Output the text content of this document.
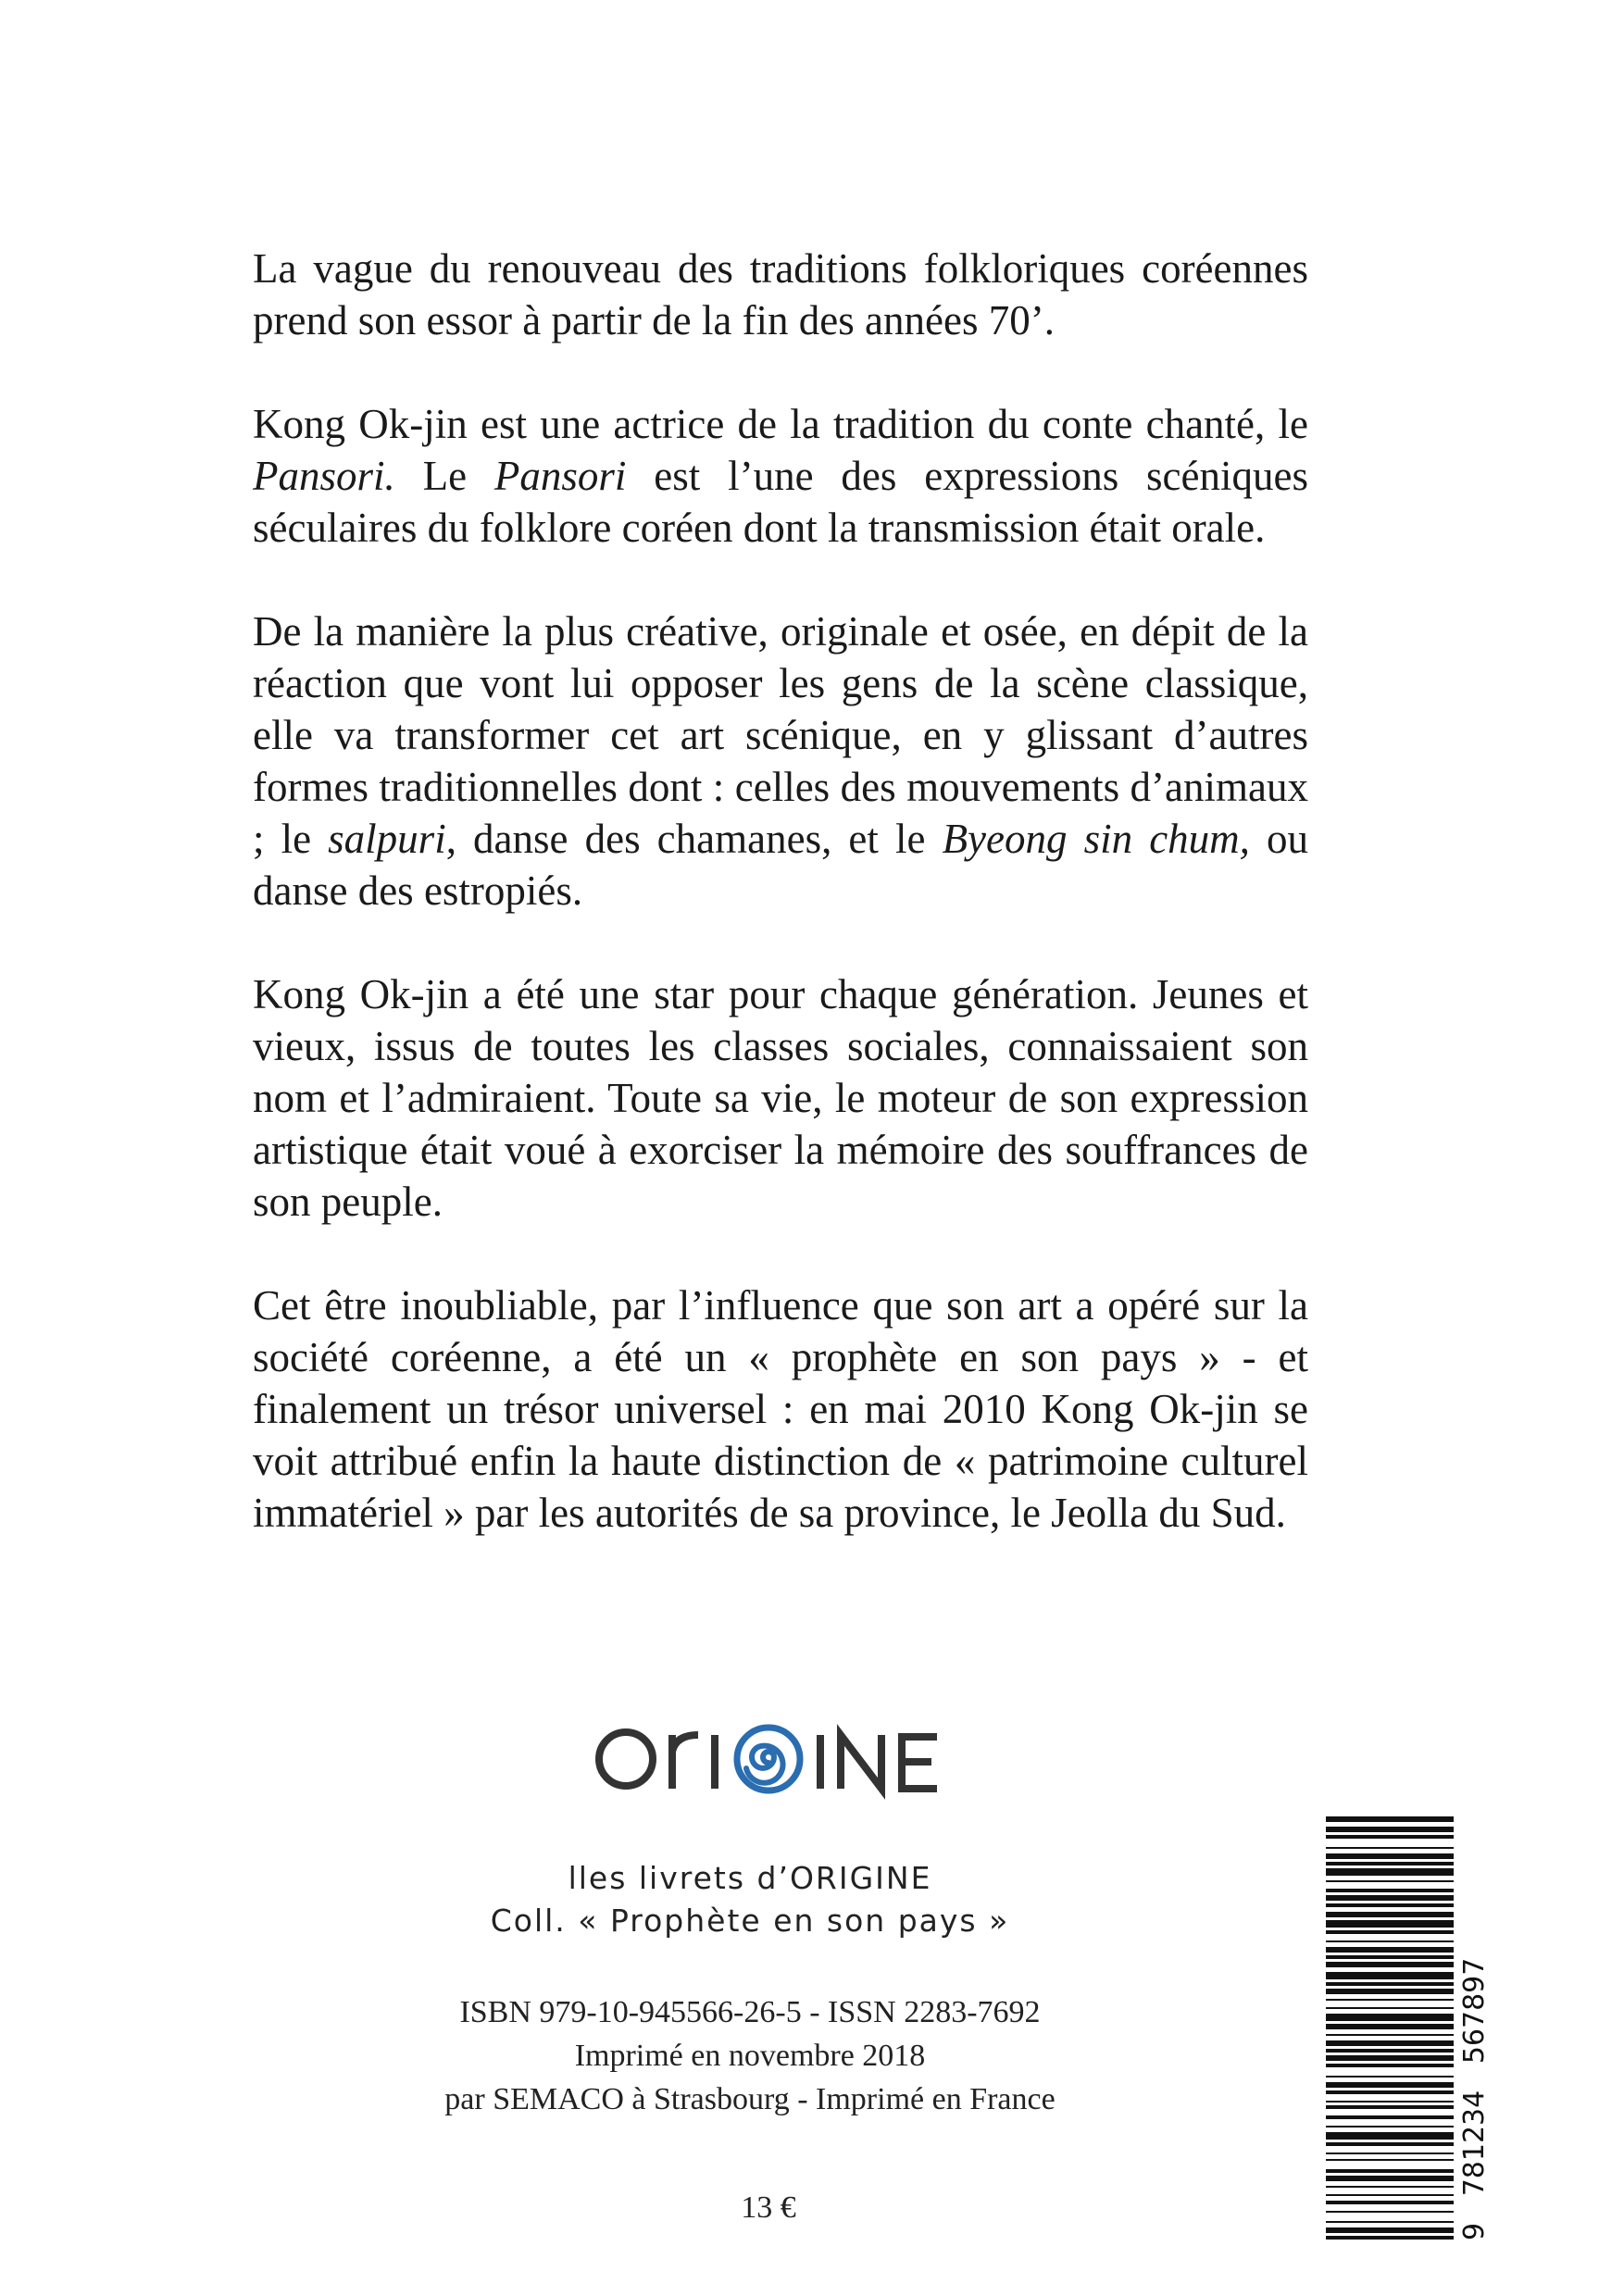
La vague du renouveau des traditions folkloriques coréennes prend son essor à partir de la fin des années 70’.

Kong Ok-jin est une actrice de la tradition du conte chanté, le Pansori. Le Pansori est l’une des expressions scéniques séculaires du folklore coréen dont la transmission était orale.

De la manière la plus créative, originale et osée, en dépit de la réaction que vont lui opposer les gens de la scène classique, elle va transformer cet art scénique, en y glissant d’autres formes traditionnelles dont : celles des mouvements d’animaux ; le salpuri, danse des chamanes, et le Byeong sin chum, ou danse des estropiés.

Kong Ok-jin a été une star pour chaque génération. Jeunes et vieux, issus de toutes les classes sociales, connaissaient son nom et l’admiraient. Toute sa vie, le moteur de son expression artistique était voué à exorciser la mémoire des souffrances de son peuple.

Cet être inoubliable, par l’influence que son art a opéré sur la société coréenne, a été un « prophète en son pays » - et finalement un trésor universel : en mai 2010 Kong Ok-jin se voit attribué enfin la haute distinction de « patrimoine culturel immatériel » par les autorités de sa province, le Jeolla du Sud.

lles livrets d’ORIGINE
Coll. « Prophète en son pays »
ISBN 979-10-945566-26-5 - ISSN 2283-7692
Imprimé en novembre 2018
par SEMACO à Strasbourg - Imprimé en France
13 €	9   781234   567897
